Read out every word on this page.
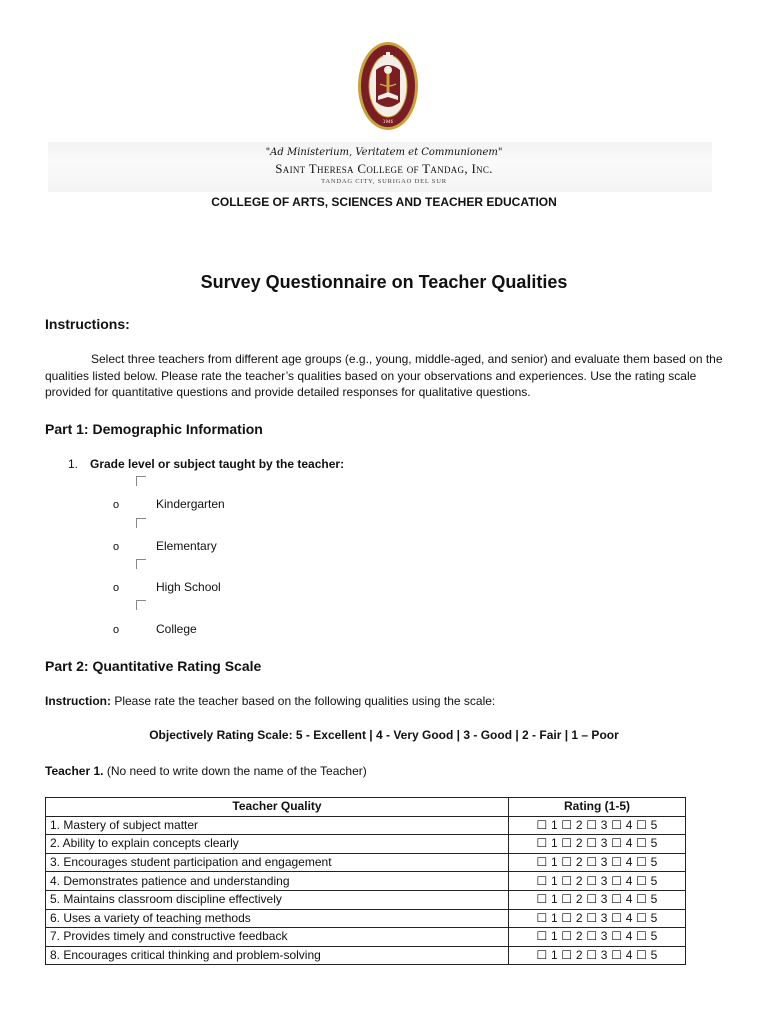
1946
"Ad Ministerium, Veritatem et Communionem"
Saint Theresa College of Tandag, Inc.
TANDAG CITY, SURIGAO DEL SUR
COLLEGE OF ARTS, SCIENCES AND TEACHER EDUCATION
Survey Questionnaire on Teacher Qualities
Instructions:
Select three teachers from different age groups (e.g., young, middle-aged, and senior) and evaluate them based on the qualities listed below. Please rate the teacher’s qualities based on your observations and experiences. Use the rating scale provided for quantitative questions and provide detailed responses for qualitative questions.
Part 1: Demographic Information
1. Grade level or subject taught by the teacher:
o	Kindergarten
o	Elementary
o	High School
o	College
Part 2: Quantitative Rating Scale
Instruction: Please rate the teacher based on the following qualities using the scale:
Objectively Rating Scale: 5 - Excellent | 4 - Very Good | 3 - Good | 2 - Fair | 1 – Poor
Teacher 1. (No need to write down the name of the Teacher)
Teacher Quality	Rating (1-5)
1. Mastery of subject matter	☐ 1 ☐ 2 ☐ 3 ☐ 4 ☐ 5
2. Ability to explain concepts clearly	☐ 1 ☐ 2 ☐ 3 ☐ 4 ☐ 5
3. Encourages student participation and engagement	☐ 1 ☐ 2 ☐ 3 ☐ 4 ☐ 5
4. Demonstrates patience and understanding	☐ 1 ☐ 2 ☐ 3 ☐ 4 ☐ 5
5. Maintains classroom discipline effectively	☐ 1 ☐ 2 ☐ 3 ☐ 4 ☐ 5
6. Uses a variety of teaching methods	☐ 1 ☐ 2 ☐ 3 ☐ 4 ☐ 5
7. Provides timely and constructive feedback	☐ 1 ☐ 2 ☐ 3 ☐ 4 ☐ 5
8. Encourages critical thinking and problem-solving	☐ 1 ☐ 2 ☐ 3 ☐ 4 ☐ 5
